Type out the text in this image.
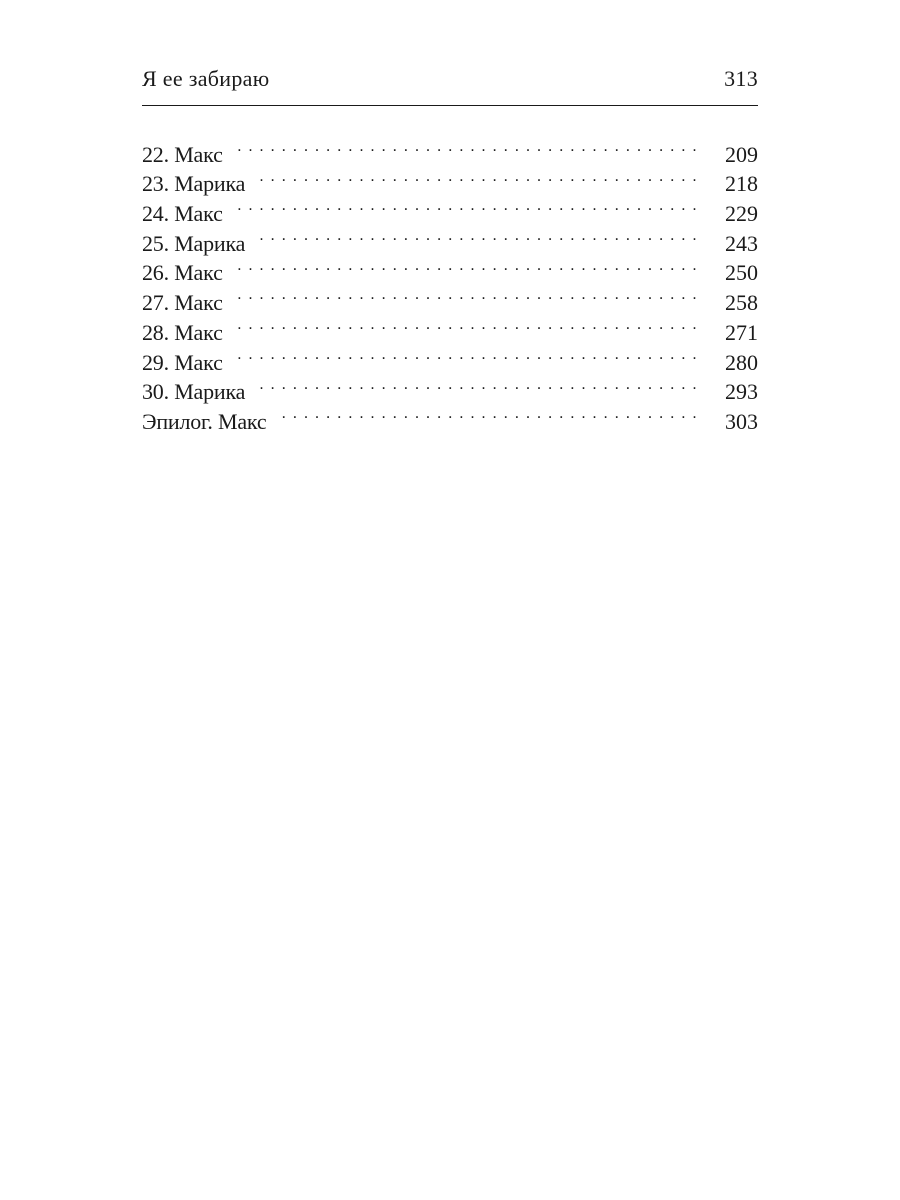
Я ее забираю	313
22. Макс . . .	209
23. Марика . . .	218
24. Макс . . .	229
25. Марика . . .	243
26. Макс . . .	250
27. Макс . . .	258
28. Макс . . .	271
29. Макс . . .	280
30. Марика . . .	293
Эпилог. Макс . . .	303
